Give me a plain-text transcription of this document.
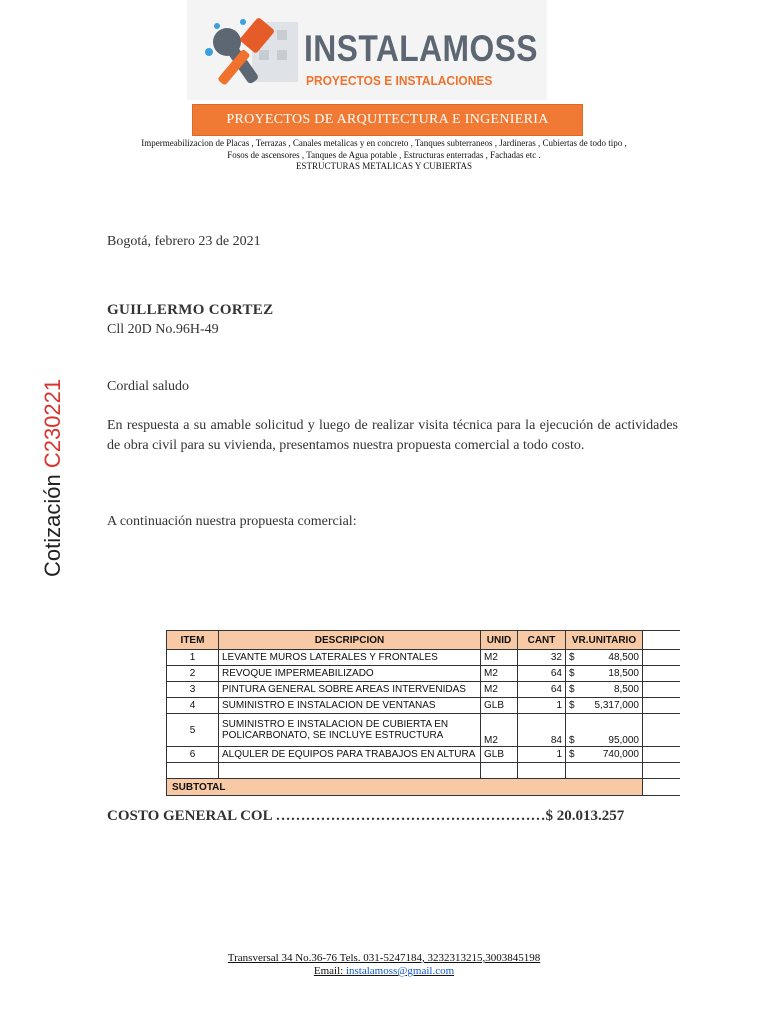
INSTALAMOSS
PROYECTOS E INSTALACIONES
PROYECTOS DE ARQUITECTURA E INGENIERIA
Impermeabilizacion de Placas , Terrazas , Canales metalicas y en concreto , Tanques subterraneos , Jardineras , Cubiertas de todo tipo ,
Fosos de ascensores , Tanques de Agua potable , Estructuras enterradas , Fachadas etc .
ESTRUCTURAS METALICAS Y CUBIERTAS
Cotización C230221
Bogotá, febrero 23 de 2021
GUILLERMO CORTEZ
Cll 20D No.96H-49
Cordial saludo
En respuesta a su amable solicitud y luego de realizar visita técnica para la ejecución de actividades de obra civil para su vivienda, presentamos nuestra propuesta comercial a todo costo.
A continuación nuestra propuesta comercial:
ITEM	DESCRIPCION	UNID	CANT	VR.UNITARIO	
1	LEVANTE MUROS LATERALES Y FRONTALES	M2	32	$ 48,500	

2	REVOQUE IMPERMEABILIZADO	M2	64	$ 18,500	

3	PINTURA GENERAL SOBRE AREAS INTERVENIDAS	M2	64	$ 8,500	

4	SUMINISTRO E INSTALACION DE VENTANAS	GLB	1	$ 5,317,000	

5	SUMINISTRO E INSTALACION DE CUBIERTA EN POLICARBONATO, SE INCLUYE ESTRUCTURA	M2	84	$ 95,000	

6	ALQULER DE EQUIPOS PARA TRABAJOS EN ALTURA	GLB	1	$ 740,000	

SUBTOTAL					
COSTO GENERAL COL ………………………………………………$ 20.013.257
Transversal 34 No.36-76 Tels. 031-5247184, 3232313215,3003845198
Email: instalamoss@gmail.com
